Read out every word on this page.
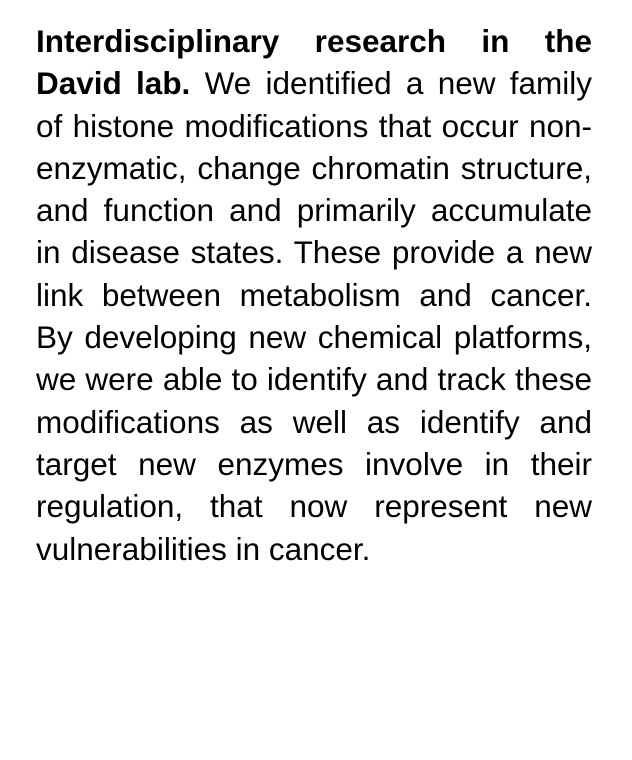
Interdisciplinary research in the David lab. We identified a new family of histone modifications that occur non-enzymatic, change chromatin structure, and function and primarily accumulate in disease states. These provide a new link between metabolism and cancer. By developing new chemical platforms, we were able to identify and track these modifications as well as identify and target new enzymes involve in their regulation, that now represent new vulnerabilities in cancer.
